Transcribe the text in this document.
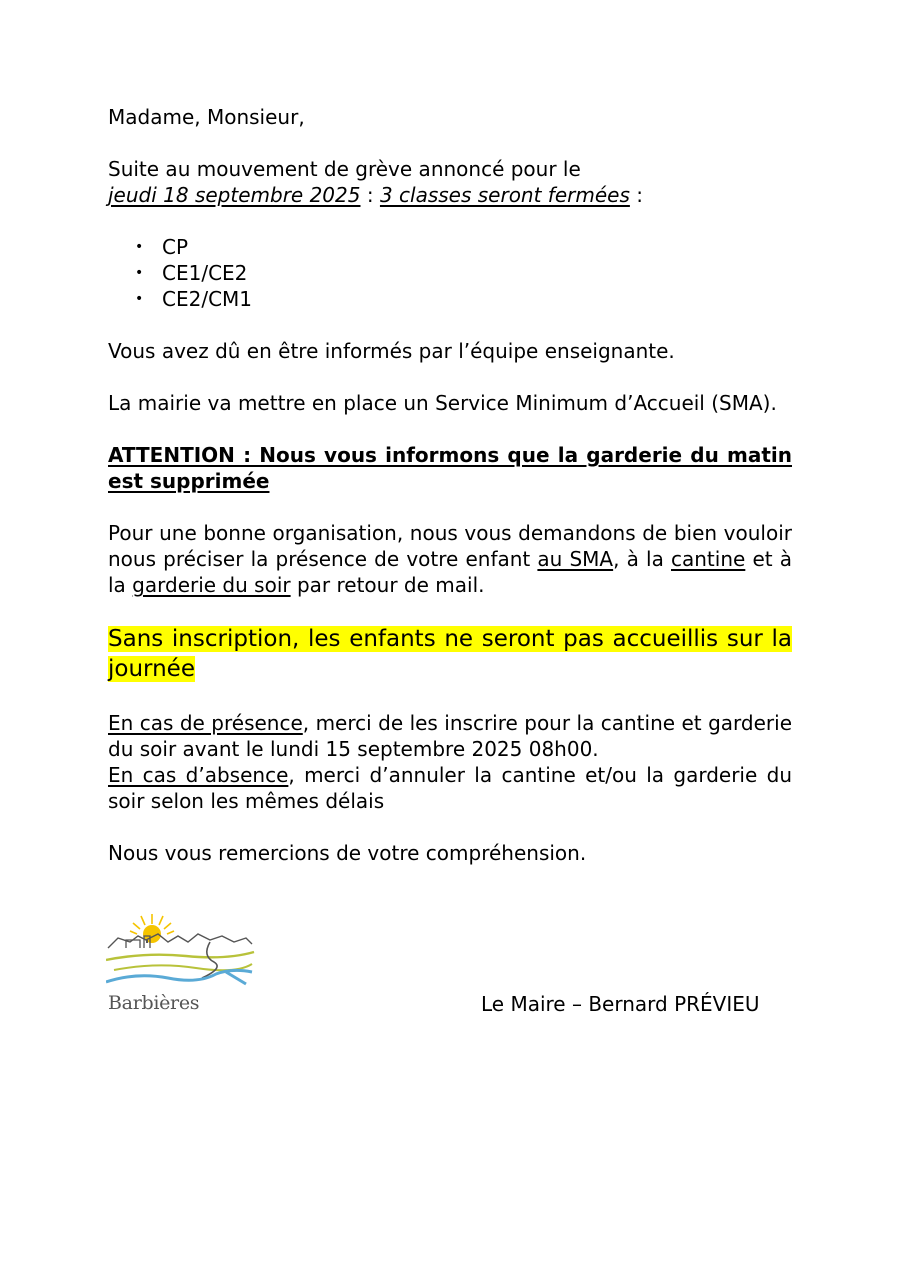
Madame, Monsieur,

Suite au mouvement de grève annoncé pour le
jeudi 18 septembre 2025 : 3 classes seront fermées :

• CP
• CE1/CE2
• CE2/CM1

Vous avez dû en être informés par l’équipe enseignante.

La mairie va mettre en place un Service Minimum d’Accueil (SMA).

ATTENTION : Nous vous informons que la garderie du matin est supprimée

Pour une bonne organisation, nous vous demandons de bien vouloir nous préciser la présence de votre enfant au SMA, à la cantine et à la garderie du soir par retour de mail.

Sans inscription, les enfants ne seront pas accueillis sur la journée

En cas de présence, merci de les inscrire pour la cantine et garderie du soir avant le lundi 15 septembre 2025 08h00.

En cas d’absence, merci d’annuler la cantine et/ou la garderie du soir selon les mêmes délais

Nous vous remercions de votre compréhension.

Barbières	Le Maire – Bernard PRÉVIEU
